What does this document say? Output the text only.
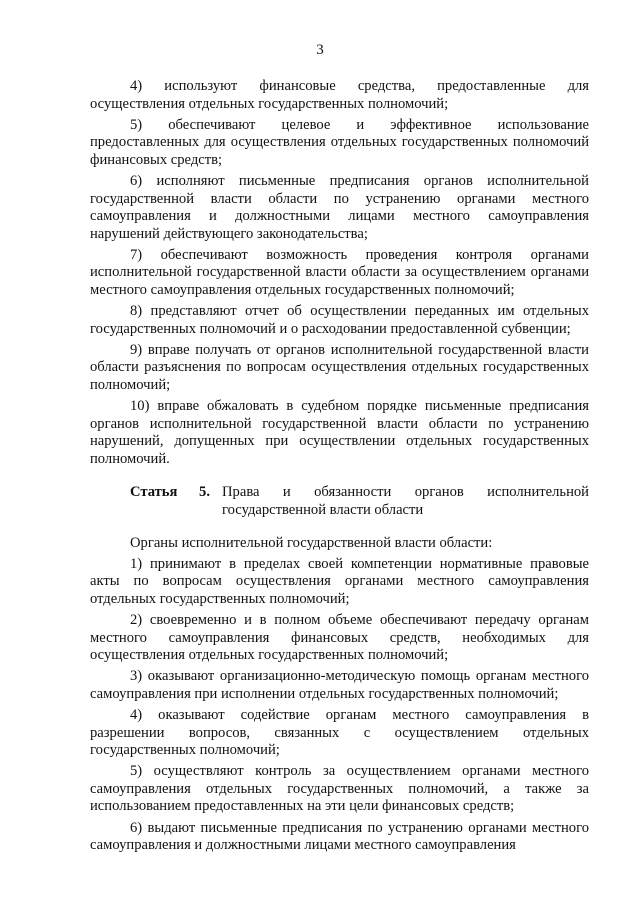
3

4) используют финансовые средства, предоставленные для осуществления отдельных государственных полномочий;

5) обеспечивают целевое и эффективное использование предоставленных для осуществления отдельных государственных полномочий финансовых средств;

6) исполняют письменные предписания органов исполнительной государственной власти области по устранению органами местного самоуправления и должностными лицами местного самоуправления нарушений действующего законодательства;

7) обеспечивают возможность проведения контроля органами исполнительной государственной власти области за осуществлением органами местного самоуправления отдельных государственных полномочий;

8) представляют отчет об осуществлении переданных им отдельных государственных полномочий и о расходовании предоставленной субвенции;

9) вправе получать от органов исполнительной государственной власти области разъяснения по вопросам осуществления отдельных государственных полномочий;

10) вправе обжаловать в судебном порядке письменные предписания органов исполнительной государственной власти области по устранению нарушений, допущенных при осуществлении отдельных государственных полномочий.

Статья 5. Права и обязанности органов исполнительной государственной власти области

Органы исполнительной государственной власти области:

1) принимают в пределах своей компетенции нормативные правовые акты по вопросам осуществления органами местного самоуправления отдельных государственных полномочий;

2) своевременно и в полном объеме обеспечивают передачу органам местного самоуправления финансовых средств, необходимых для осуществления отдельных государственных полномочий;

3) оказывают организационно-методическую помощь органам местного самоуправления при исполнении отдельных государственных полномочий;

4) оказывают содействие органам местного самоуправления в разрешении вопросов, связанных с осуществлением отдельных государственных полномочий;

5) осуществляют контроль за осуществлением органами местного самоуправления отдельных государственных полномочий, а также за использованием предоставленных на эти цели финансовых средств;

6) выдают письменные предписания по устранению органами местного самоуправления и должностными лицами местного самоуправления
